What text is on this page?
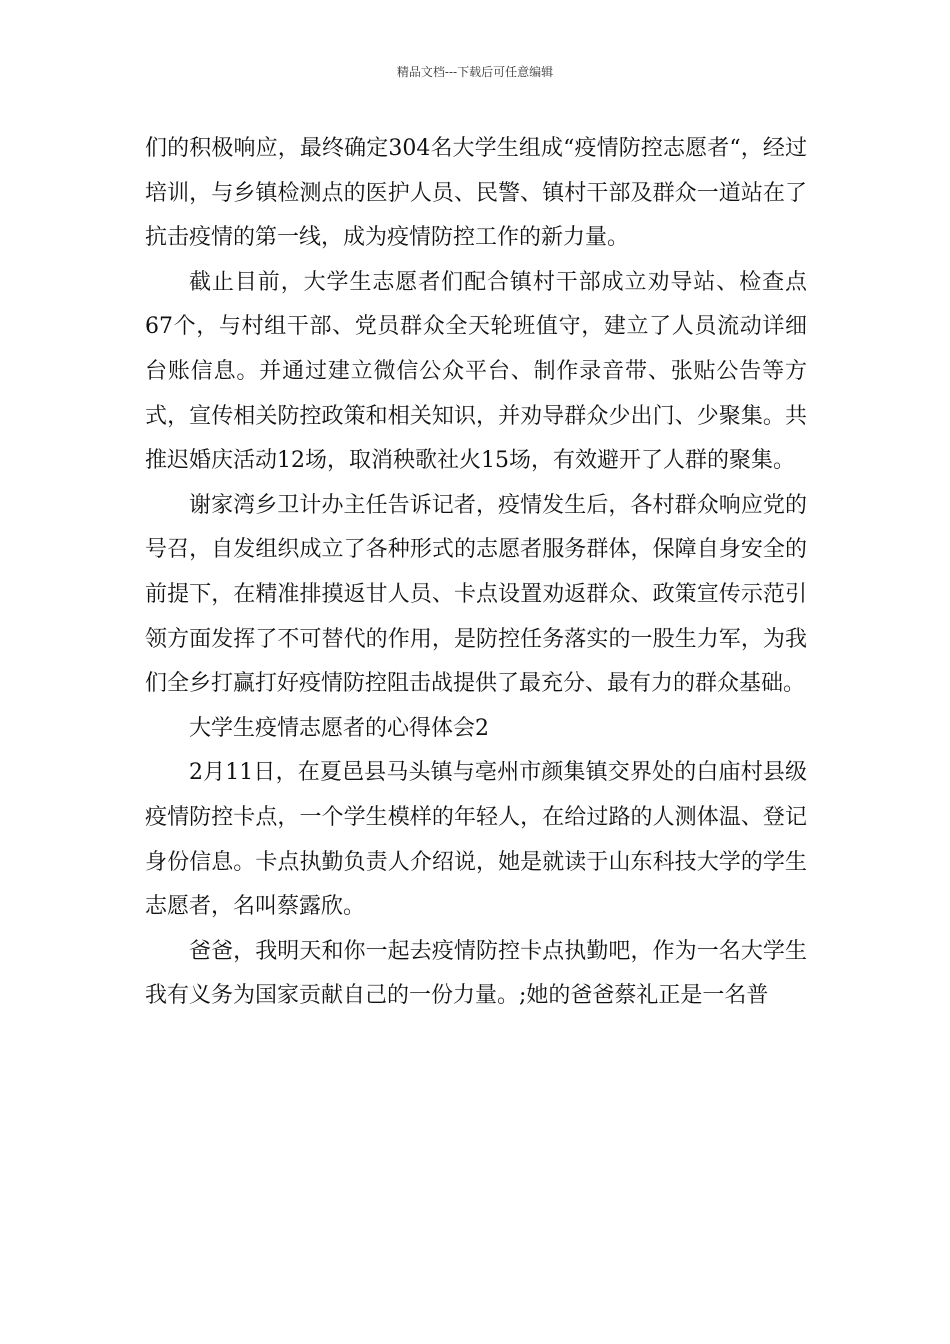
精品文档---下载后可任意编辑

们的积极响应，最终确定304名大学生组成“疫情防控志愿者“，经过培训，与乡镇检测点的医护人员、民警、镇村干部及群众一道站在了抗击疫情的第一线，成为疫情防控工作的新力量。

截止目前，大学生志愿者们配合镇村干部成立劝导站、检查点67个，与村组干部、党员群众全天轮班值守，建立了人员流动详细台账信息。并通过建立微信公众平台、制作录音带、张贴公告等方式，宣传相关防控政策和相关知识，并劝导群众少出门、少聚集。共推迟婚庆活动12场，取消秧歌社火15场，有效避开了人群的聚集。

谢家湾乡卫计办主任告诉记者，疫情发生后，各村群众响应党的号召，自发组织成立了各种形式的志愿者服务群体，保障自身安全的前提下，在精准排摸返甘人员、卡点设置劝返群众、政策宣传示范引领方面发挥了不可替代的作用，是防控任务落实的一股生力军，为我们全乡打赢打好疫情防控阻击战提供了最充分、最有力的群众基础。

大学生疫情志愿者的心得体会2

2月11日，在夏邑县马头镇与亳州市颜集镇交界处的白庙村县级疫情防控卡点，一个学生模样的年轻人，在给过路的人测体温、登记身份信息。卡点执勤负责人介绍说，她是就读于山东科技大学的学生志愿者，名叫蔡露欣。

爸爸，我明天和你一起去疫情防控卡点执勤吧，作为一名大学生我有义务为国家贡献自己的一份力量。;她的爸爸蔡礼正是一名普
